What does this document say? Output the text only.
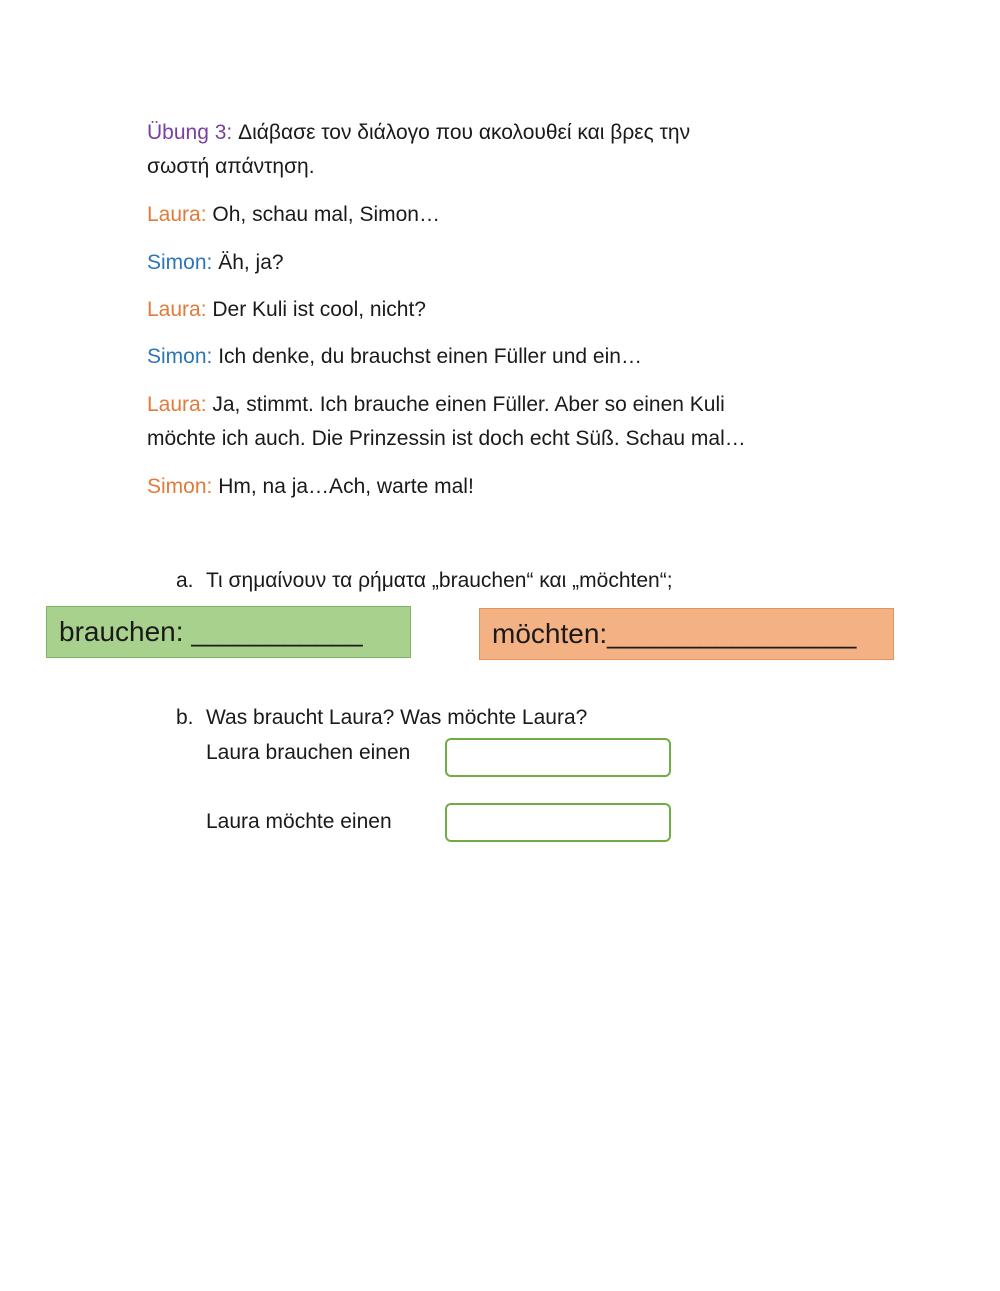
Übung 3: Διάβασε τον διάλογο που ακολουθεί και βρες την
σωστή απάντηση.
Laura: Oh, schau mal, Simon…
Simon: Äh, ja?
Laura: Der Kuli ist cool, nicht?
Simon: Ich denke, du brauchst einen Füller und ein…
Laura: Ja, stimmt. Ich brauche einen Füller. Aber so einen Kuli
möchte ich auch. Die Prinzessin ist doch echt Süß. Schau mal…
Simon: Hm, na ja…Ach, warte mal!
a. Τι σημαίνουν τα ρήματα „brauchen“ και „möchten“;
brauchen: ___________	möchten:________________
b. Was braucht Laura? Was möchte Laura?
Laura brauchen einen
Laura möchte einen
